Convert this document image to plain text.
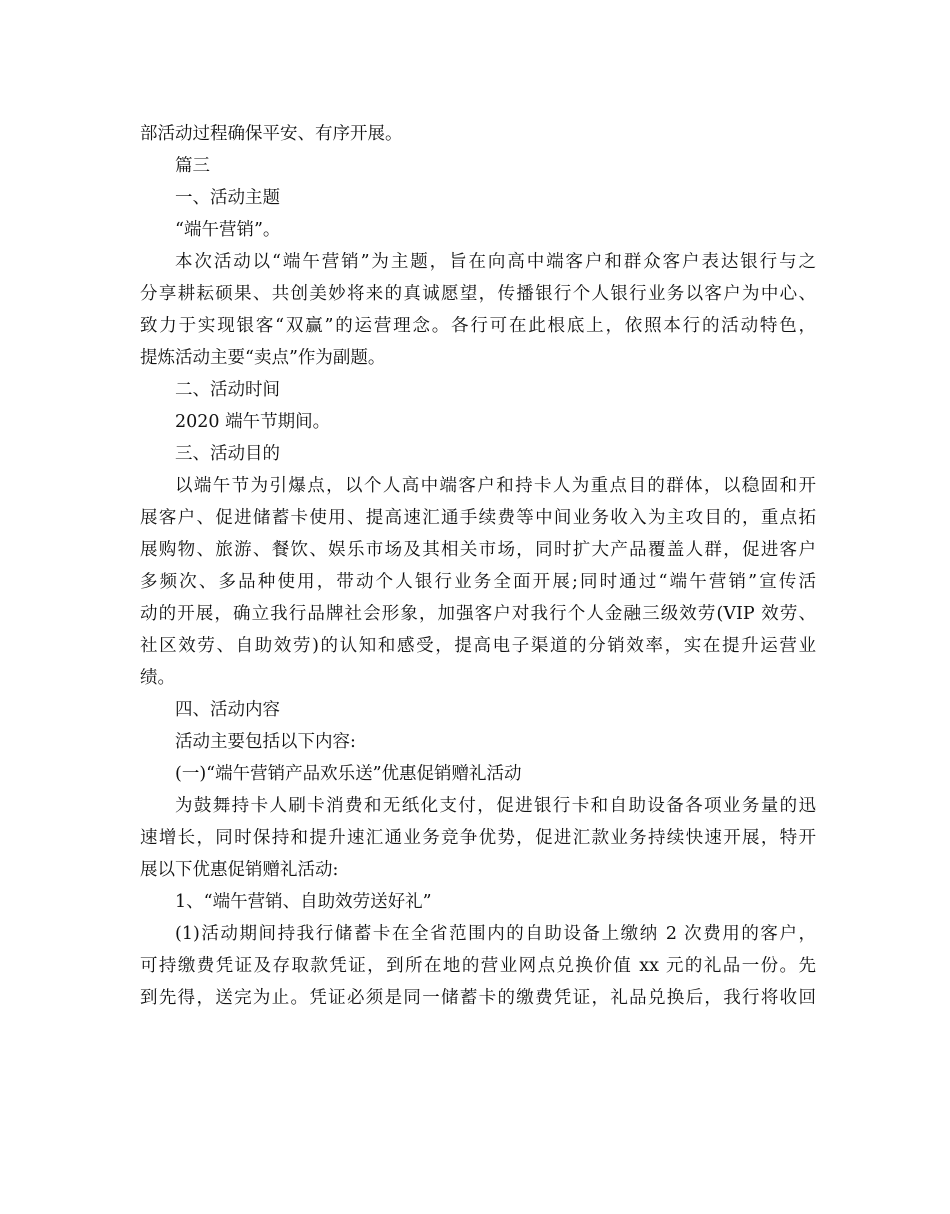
部活动过程确保平安、有序开展。
篇三
一、活动主题
“端午营销”。
本次活动以“端午营销”为主题，旨在向高中端客户和群众客户表达银行与之
分享耕耘硕果、共创美妙将来的真诚愿望，传播银行个人银行业务以客户为中心、
致力于实现银客“双赢”的运营理念。各行可在此根底上，依照本行的活动特色，
提炼活动主要“卖点”作为副题。
二、活动时间
2020 端午节期间。
三、活动目的
以端午节为引爆点，以个人高中端客户和持卡人为重点目的群体，以稳固和开
展客户、促进储蓄卡使用、提高速汇通手续费等中间业务收入为主攻目的，重点拓
展购物、旅游、餐饮、娱乐市场及其相关市场，同时扩大产品覆盖人群，促进客户
多频次、多品种使用，带动个人银行业务全面开展;同时通过“端午营销”宣传活
动的开展，确立我行品牌社会形象，加强客户对我行个人金融三级效劳(VIP 效劳、
社区效劳、自助效劳)的认知和感受，提高电子渠道的分销效率，实在提升运营业
绩。
四、活动内容
活动主要包括以下内容:
(一)“端午营销产品欢乐送”优惠促销赠礼活动
为鼓舞持卡人刷卡消费和无纸化支付，促进银行卡和自助设备各项业务量的迅
速增长，同时保持和提升速汇通业务竞争优势，促进汇款业务持续快速开展，特开
展以下优惠促销赠礼活动:
1、“端午营销、自助效劳送好礼”
(1)活动期间持我行储蓄卡在全省范围内的自助设备上缴纳 2 次费用的客户，
可持缴费凭证及存取款凭证，到所在地的营业网点兑换价值 xx 元的礼品一份。先
到先得，送完为止。凭证必须是同一储蓄卡的缴费凭证，礼品兑换后，我行将收回
